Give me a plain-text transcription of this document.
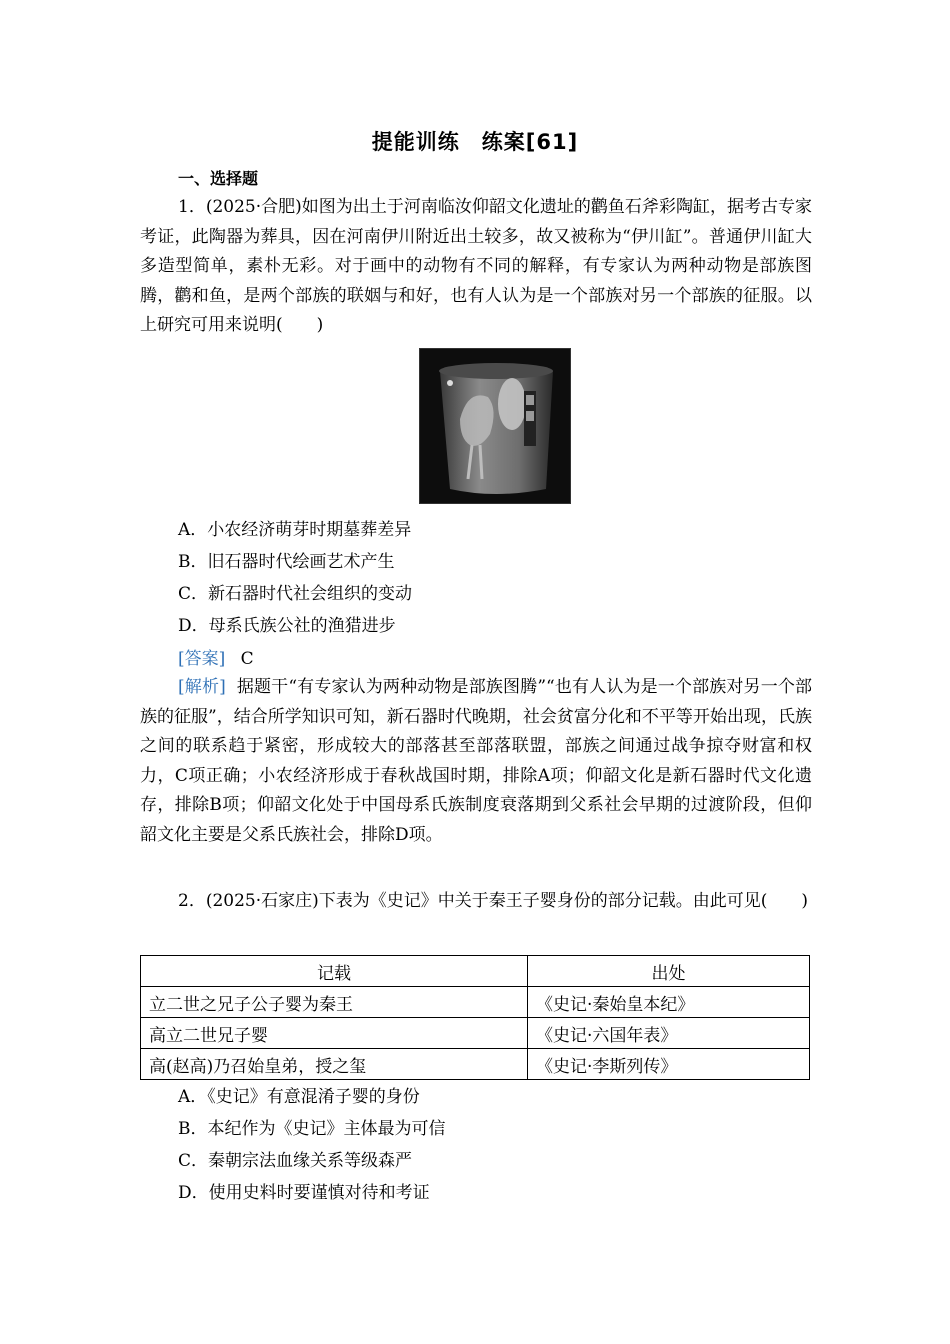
提能训练　练案[61]
一、选择题
1．(2025·合肥)如图为出土于河南临汝仰韶文化遗址的鹳鱼石斧彩陶缸，据考古专家考证，此陶器为葬具，因在河南伊川附近出土较多，故又被称为“伊川缸”。普通伊川缸大多造型简单，素朴无彩。对于画中的动物有不同的解释，有专家认为两种动物是部族图腾，鹳和鱼，是两个部族的联姻与和好，也有人认为是一个部族对另一个部族的征服。以上研究可用来说明(　　)
A．小农经济萌芽时期墓葬差异
B．旧石器时代绘画艺术产生
C．新石器时代社会组织的变动
D．母系氏族公社的渔猎进步
[答案] C
[解析] 据题干“有专家认为两种动物是部族图腾”“也有人认为是一个部族对另一个部族的征服”，结合所学知识可知，新石器时代晚期，社会贫富分化和不平等开始出现，氏族之间的联系趋于紧密，形成较大的部落甚至部落联盟，部族之间通过战争掠夺财富和权力，C项正确；小农经济形成于春秋战国时期，排除A项；仰韶文化是新石器时代文化遗存，排除B项；仰韶文化处于中国母系氏族制度衰落期到父系社会早期的过渡阶段，但仰韶文化主要是父系氏族社会，排除D项。
2．(2025·石家庄)下表为《史记》中关于秦王子婴身份的部分记载。由此可见(　　)
记载	出处
立二世之兄子公子婴为秦王	《史记·秦始皇本纪》
高立二世兄子婴	《史记·六国年表》
高(赵高)乃召始皇弟，授之玺	《史记·李斯列传》
A．《史记》有意混淆子婴的身份
B．本纪作为《史记》主体最为可信
C．秦朝宗法血缘关系等级森严
D．使用史料时要谨慎对待和考证
